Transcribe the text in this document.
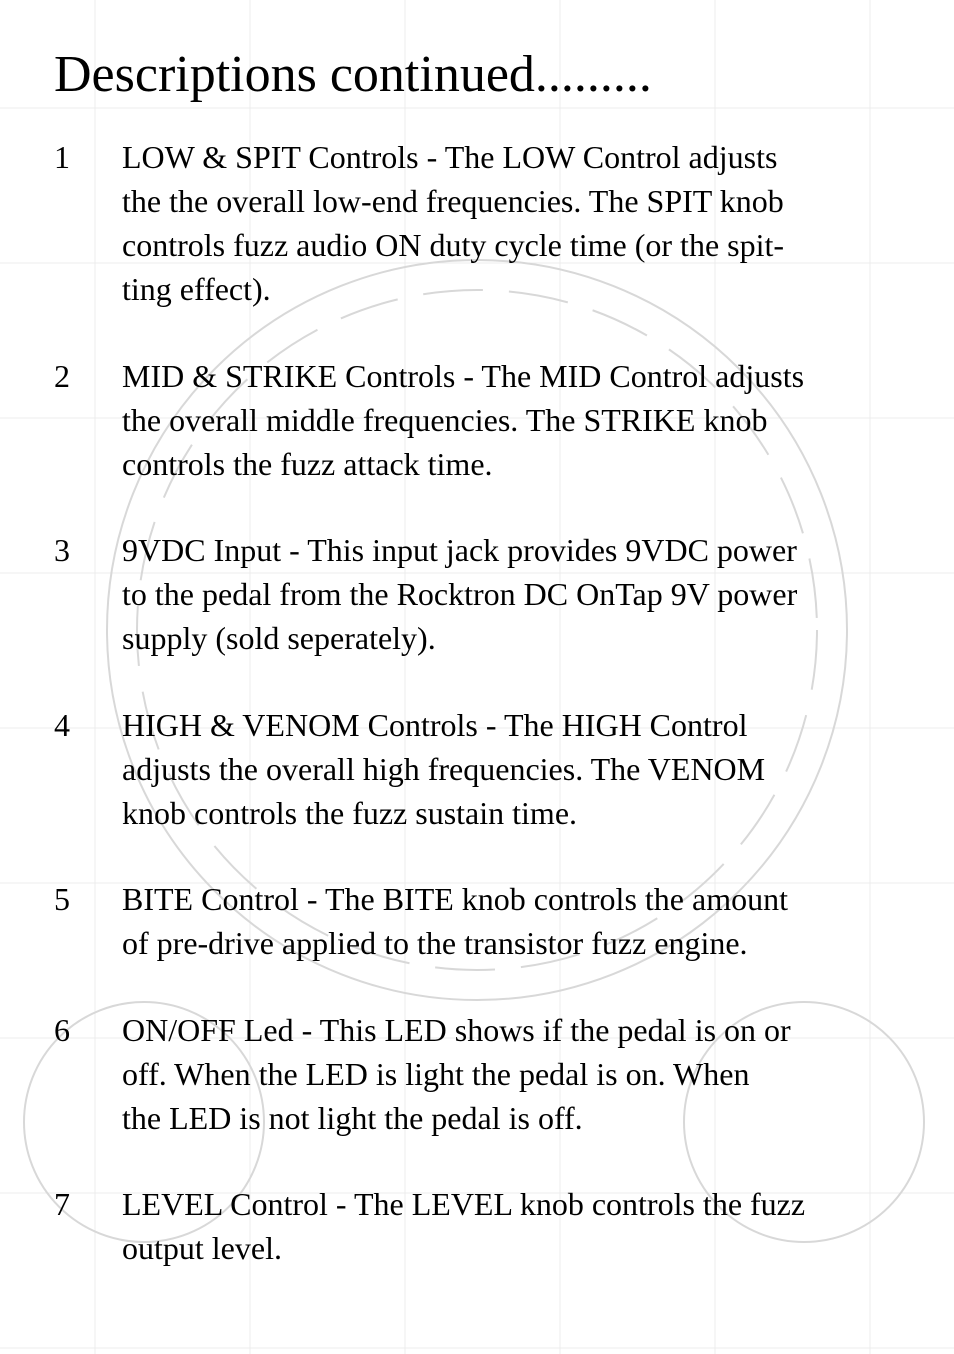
Descriptions continued.........
1 LOW & SPIT Controls - The LOW Control adjusts
the the overall low-end frequencies. The SPIT knob
controls fuzz audio ON duty cycle time (or the spit-
ting effect).
2 MID & STRIKE Controls - The MID Control adjusts
the overall middle frequencies. The STRIKE knob
controls the fuzz attack time.
3 9VDC Input - This input jack provides 9VDC power
to the pedal from the Rocktron DC OnTap 9V power
supply (sold seperately).
4 HIGH & VENOM Controls - The HIGH Control
adjusts the overall high frequencies. The VENOM
knob controls the fuzz sustain time.
5 BITE Control - The BITE knob controls the amount
of pre-drive applied to the transistor fuzz engine.
6 ON/OFF Led - This LED shows if the pedal is on or
off. When the LED is light the pedal is on. When
the LED is not light the pedal is off.
7 LEVEL Control - The LEVEL knob controls the fuzz
output level.
